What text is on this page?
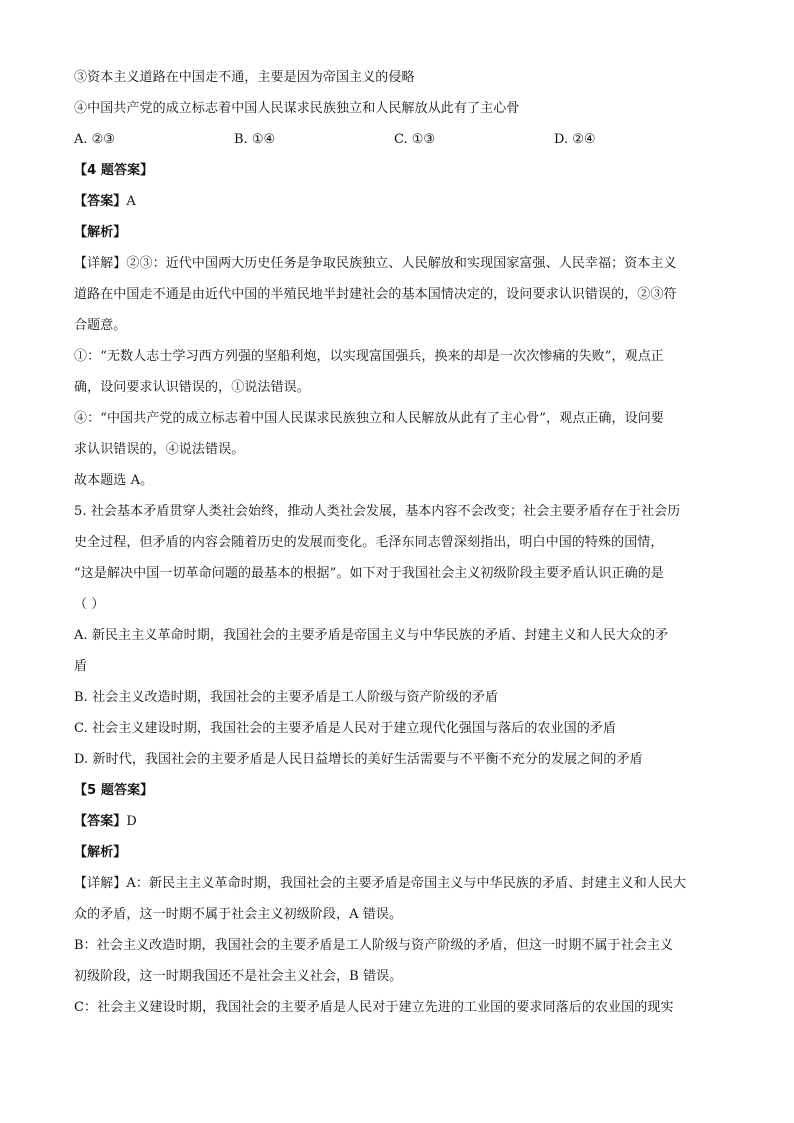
③资本主义道路在中国走不通，主要是因为帝国主义的侵略
④中国共产党的成立标志着中国人民谋求民族独立和人民解放从此有了主心骨
A. ②③	B. ①④	C. ①③	D. ②④
【4 题答案】
【答案】A
【解析】
【详解】②③：近代中国两大历史任务是争取民族独立、人民解放和实现国家富强、人民幸福；资本主义
道路在中国走不通是由近代中国的半殖民地半封建社会的基本国情决定的，设问要求认识错误的，②③符
合题意。
①：“无数人志士学习西方列强的坚船利炮，以实现富国强兵，换来的却是一次次惨痛的失败”，观点正
确，设问要求认识错误的，①说法错误。
④：“中国共产党的成立标志着中国人民谋求民族独立和人民解放从此有了主心骨”，观点正确，设问要
求认识错误的，④说法错误。
故本题选 A。
5. 社会基本矛盾贯穿人类社会始终，推动人类社会发展，基本内容不会改变；社会主要矛盾存在于社会历
史全过程，但矛盾的内容会随着历史的发展而变化。毛泽东同志曾深刻指出，明白中国的特殊的国情，
“这是解决中国一切革命问题的最基本的根据”。如下对于我国社会主义初级阶段主要矛盾认识正确的是
（ ）
A. 新民主主义革命时期，我国社会的主要矛盾是帝国主义与中华民族的矛盾、封建主义和人民大众的矛
盾
B. 社会主义改造时期，我国社会的主要矛盾是工人阶级与资产阶级的矛盾
C. 社会主义建设时期，我国社会的主要矛盾是人民对于建立现代化强国与落后的农业国的矛盾
D. 新时代，我国社会的主要矛盾是人民日益增长的美好生活需要与不平衡不充分的发展之间的矛盾
【5 题答案】
【答案】D
【解析】
【详解】A：新民主主义革命时期，我国社会的主要矛盾是帝国主义与中华民族的矛盾、封建主义和人民大
众的矛盾，这一时期不属于社会主义初级阶段，A 错误。
B：社会主义改造时期，我国社会的主要矛盾是工人阶级与资产阶级的矛盾，但这一时期不属于社会主义
初级阶段，这一时期我国还不是社会主义社会，B 错误。
C：社会主义建设时期，我国社会的主要矛盾是人民对于建立先进的工业国的要求同落后的农业国的现实
